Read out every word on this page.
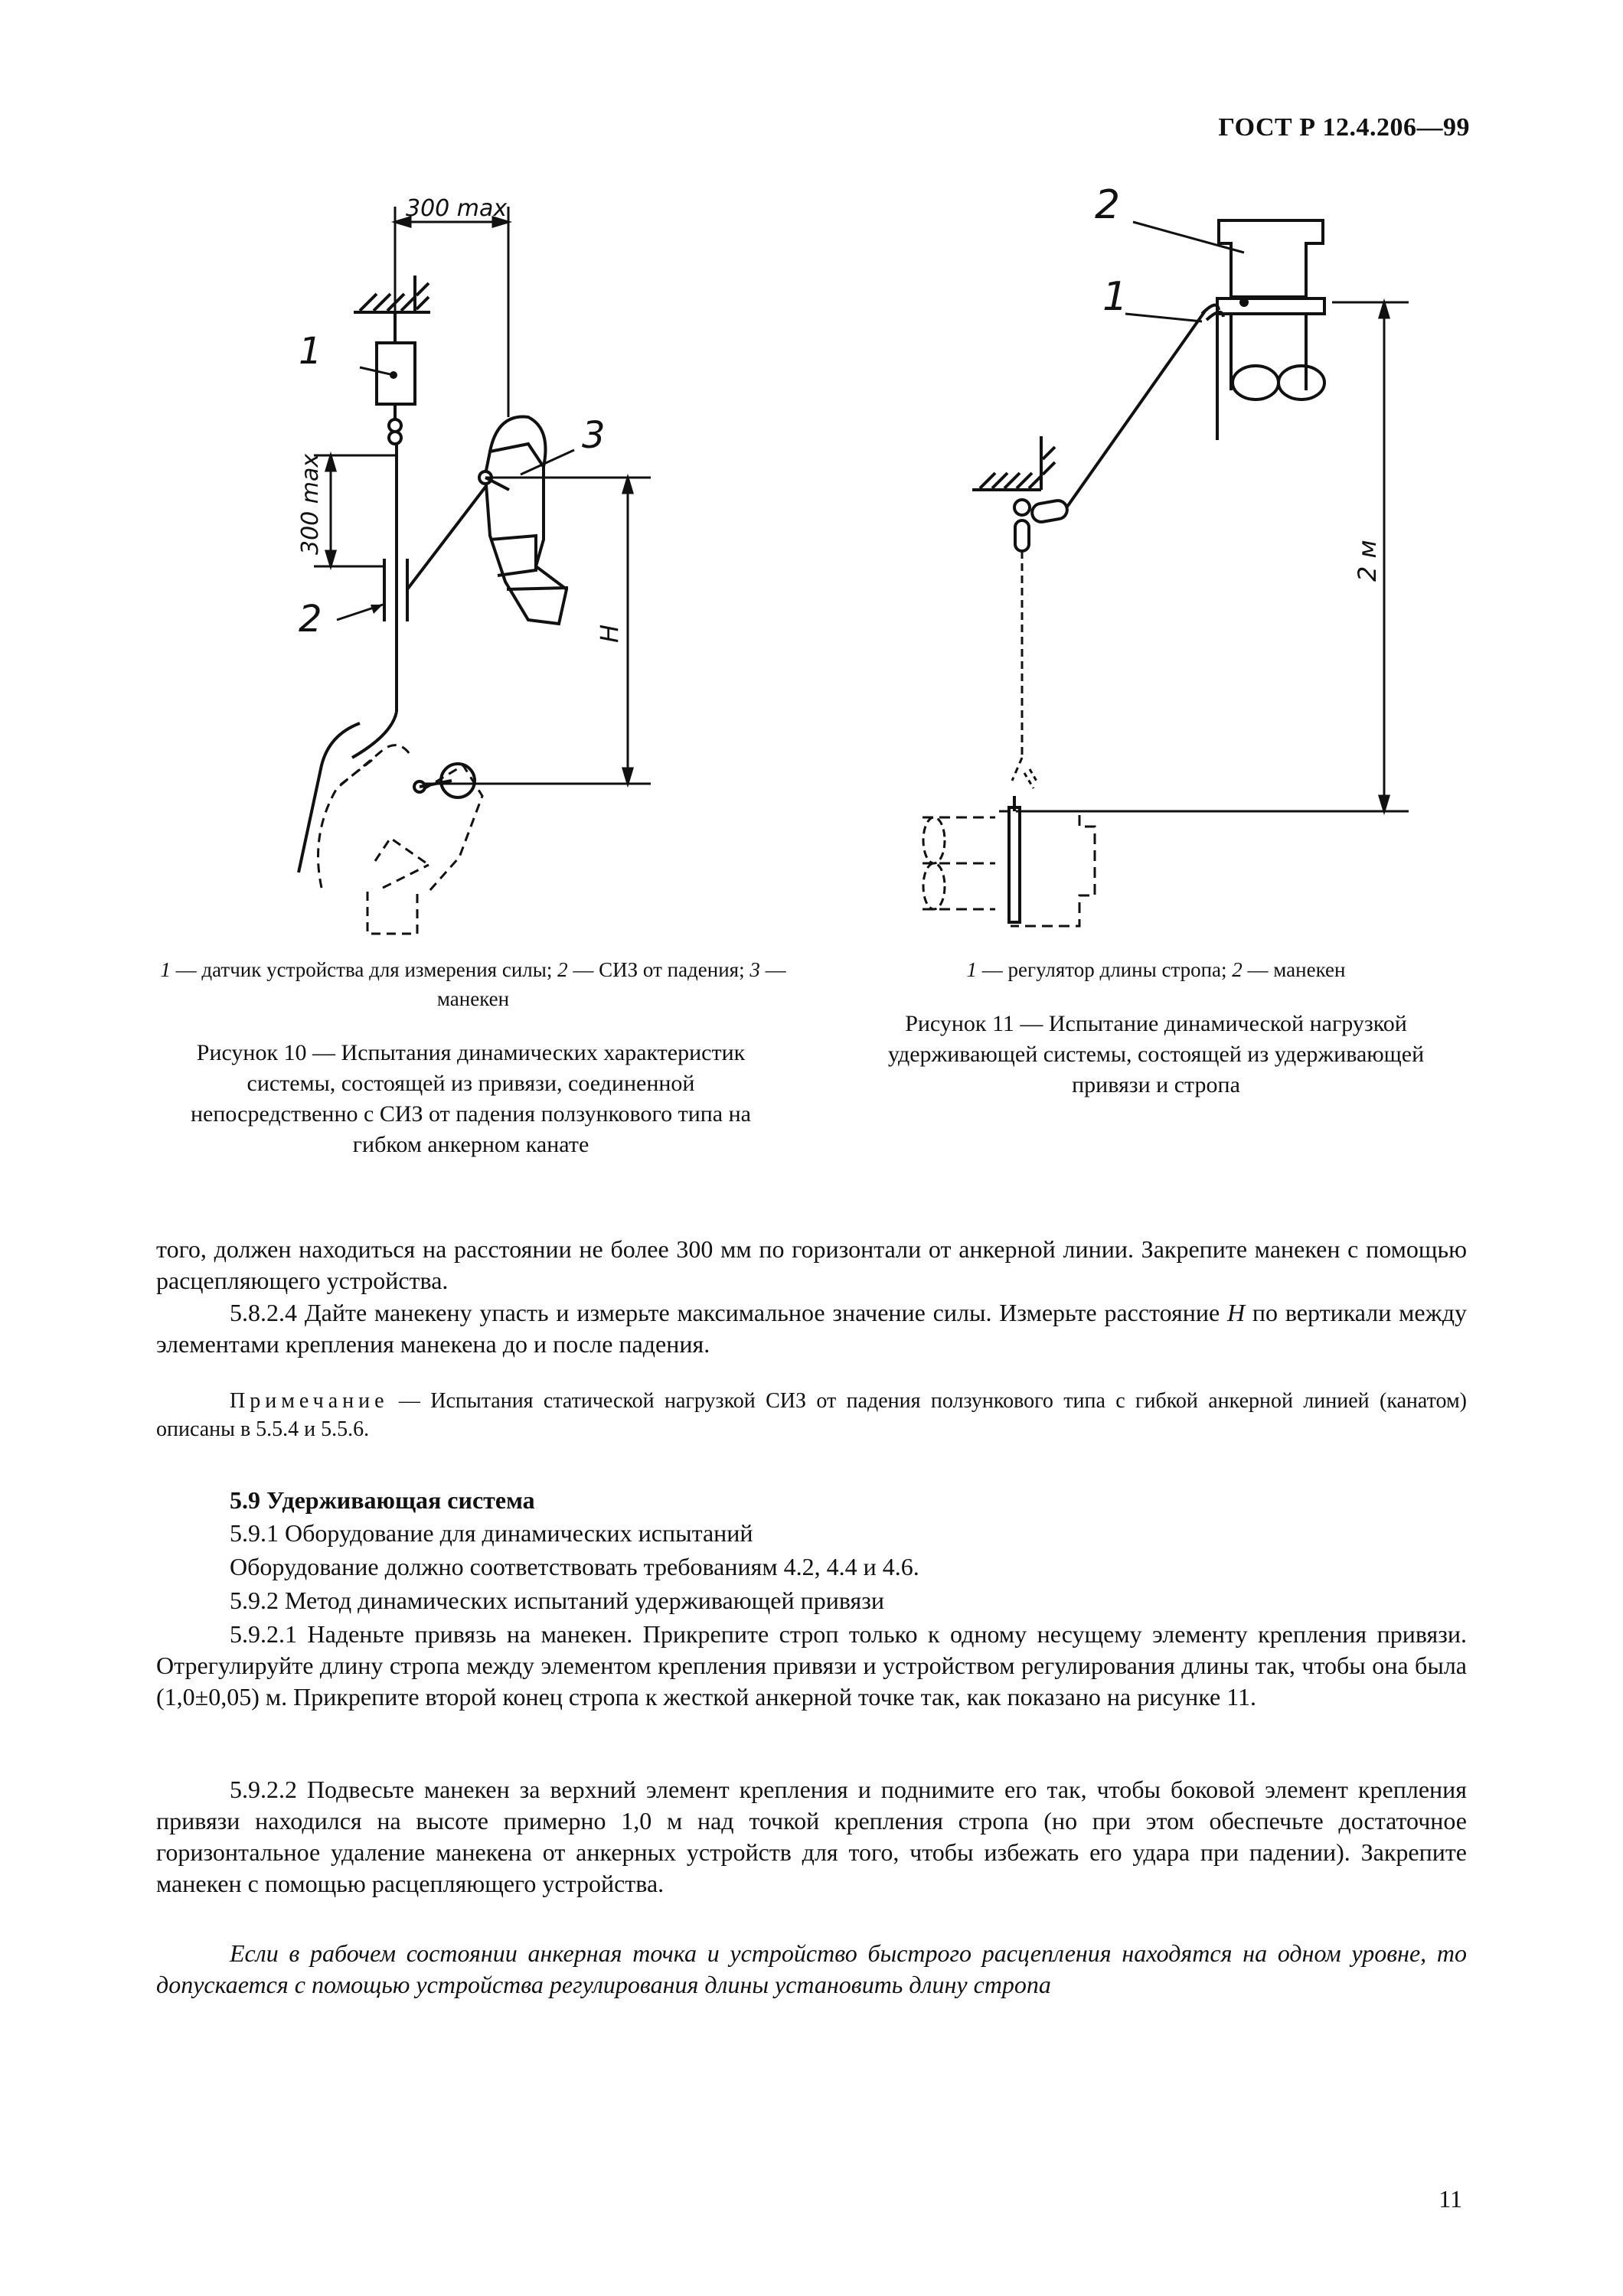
ГОСТ Р 12.4.206—99
1
300 max
300 max
2
3
H
1 — датчик устройства для измерения силы; 2 — СИЗ от падения; 3 — манекен
Рисунок 10 — Испытания динамических характеристик системы, состоящей из привязи, соединенной непосредственно с СИЗ от падения ползункового типа на гибком анкерном канате
2
1
2 м
1 — регулятор длины стропа; 2 — манекен
Рисунок 11 — Испытание динамической нагрузкой удерживающей системы, состоящей из удерживающей привязи и стропа
того, должен находиться на расстоянии не более 300 мм по горизонтали от анкерной линии. Закрепите манекен с помощью расцепляющего устройства.
5.8.2.4 Дайте манекену упасть и измерьте максимальное значение силы. Измерьте расстояние H по вертикали между элементами крепления манекена до и после падения.
Примечание — Испытания статической нагрузкой СИЗ от падения ползункового типа с гибкой анкерной линией (канатом) описаны в 5.5.4 и 5.5.6.
5.9 Удерживающая система
5.9.1 Оборудование для динамических испытаний
Оборудование должно соответствовать требованиям 4.2, 4.4 и 4.6.
5.9.2 Метод динамических испытаний удерживающей привязи
5.9.2.1 Наденьте привязь на манекен. Прикрепите строп только к одному несущему элементу крепления привязи. Отрегулируйте длину стропа между элементом крепления привязи и устройством регулирования длины так, чтобы она была (1,0±0,05) м. Прикрепите второй конец стропа к жесткой анкерной точке так, как показано на рисунке 11.
5.9.2.2 Подвесьте манекен за верхний элемент крепления и поднимите его так, чтобы боковой элемент крепления привязи находился на высоте примерно 1,0 м над точкой крепления стропа (но при этом обеспечьте достаточное горизонтальное удаление манекена от анкерных устройств для того, чтобы избежать его удара при падении). Закрепите манекен с помощью расцепляющего устройства.
Если в рабочем состоянии анкерная точка и устройство быстрого расцепления находятся на одном уровне, то допускается с помощью устройства регулирования длины установить длину стропа
11
